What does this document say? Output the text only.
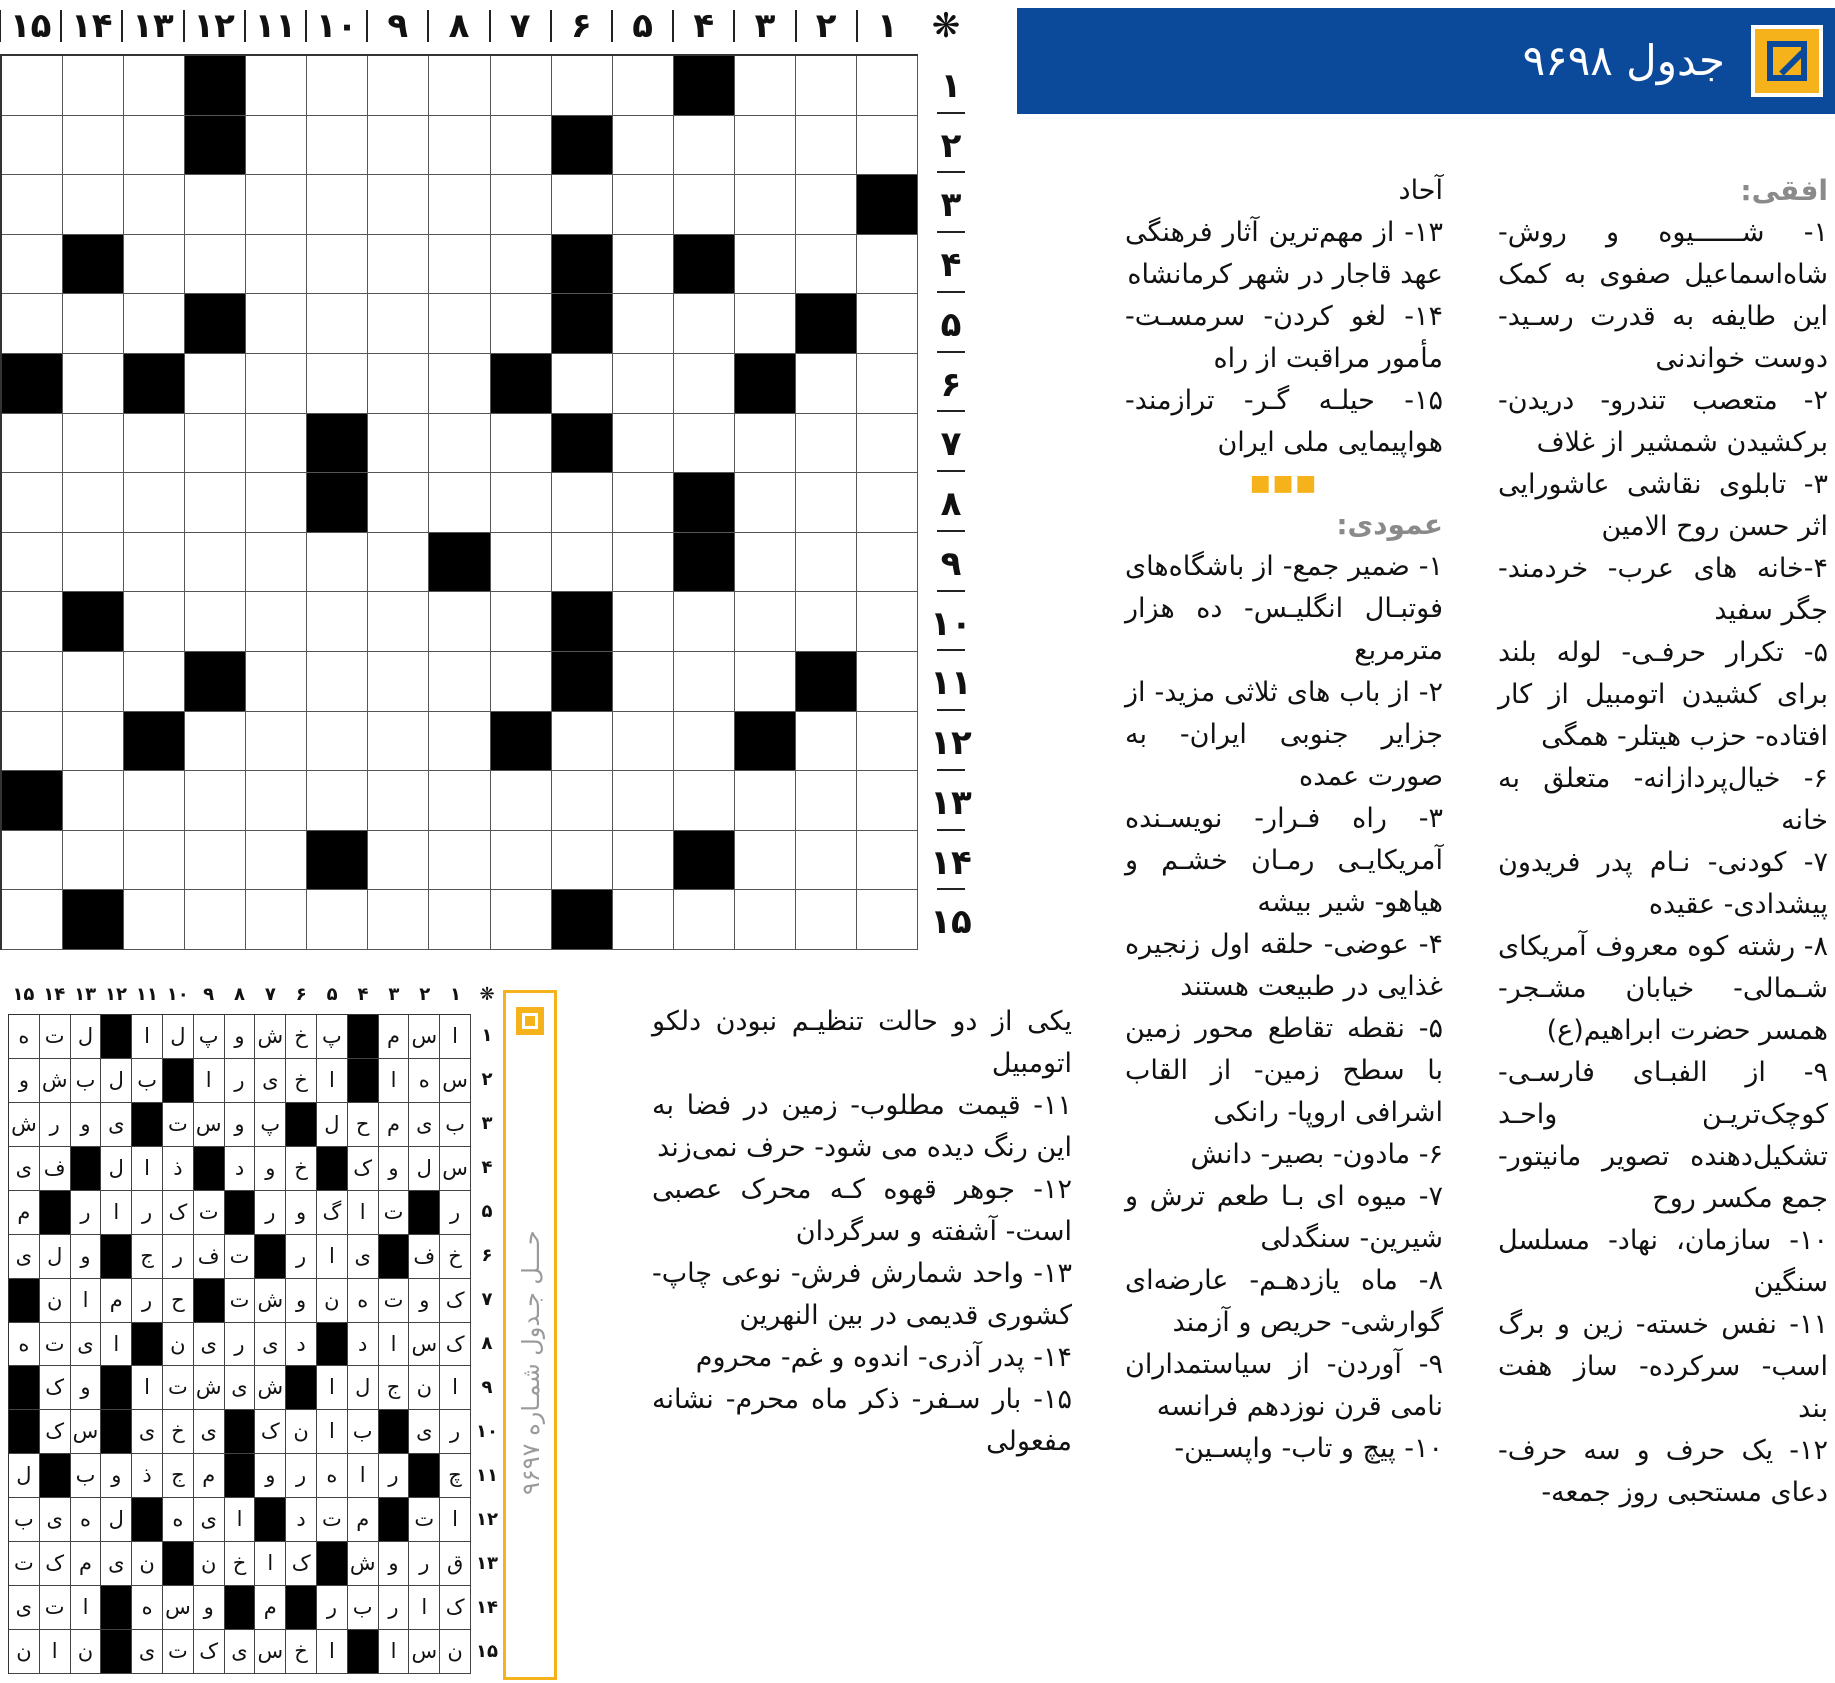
جدول ۹۶۹۸
❋
۱
۲
۳
۴
۵
۶
۷
۸
۹
۱۰
۱۱
۱۲
۱۳
۱۴
۱۵
۱
۲
۳
۴
۵
۶
۷
۸
۹
۱۰
۱۱
۱۲
۱۳
۱۴
۱۵
افقی:

۱- شــــــیوه و روش- شاه‌اسماعیل صفوی به کمک این طایفه به قدرت رسـید- دوست خواندنی

۲- متعصب تندرو- دریدن- برکشیدن شمشیر از غلاف

۳- تابلوی نقاشی عاشورایی اثر حسن روح الامین

۴-خانه های عرب- خردمند- جگر سفید

۵- تکرار حرفـی- لوله بلند برای کشیدن اتومبیل از کار افتاده- حزب هیتلر- همگی

۶- خیال‌پردازانه- متعلق به خانه

۷- کودنی- نـام پدر فریدون پیشدادی- عقیده

۸- رشته کوه معروف آمریکای شـمالی- خیابان مشـجر- همسر حضرت ابراهیم(ع)

۹- از الفبـای فارسـی- کوچک‌تریـن واحـد تشکیل‌دهنده تصویر مانیتور- جمع مکسر روح

۱۰- سازمان، نهاد- مسلسل سنگین

۱۱- نفس خسته- زین و برگ اسب- سرکرده- ساز هفت بند

۱۲- یک حرف و سه حرف- دعای مستحبی روز جمعه-

آحاد

۱۳- از مهم‌ترین آثار فرهنگی عهد قاجار در شهر کرمانشاه

۱۴- لغو کردن- سرمسـت- مأمور مراقبت از راه

۱۵- حیلـه گـر- ترازمند- هواپیمایی ملی ایران

■■■
عمودی:

۱- ضمیر جمع- از باشگاه‌های فوتبـال انگلیـس- ده هزار مترمربع

۲- از باب های ثلاثی مزید- از جزایر جنوبی ایران- به صورت عمده

۳- راه فـرار- نویسـنده آمریکایـی رمـان خشـم و هیاهو- شیر بیشه

۴- عوضی- حلقه اول زنجیره غذایی در طبیعت هستند

۵- نقطه تقاطع محور زمین با سطح زمین- از القاب اشرافی اروپا- رانکی

۶- مادون- بصیر- دانش

۷- میوه ای بـا طعم ترش و شیرین- سنگدلی

۸- ماه یازدهـم- عارضه‌ای گوارشی- حریص و آزمند

۹- آوردن- از سیاستمداران نامی قرن نوزدهم فرانسه

۱۰- پیچ و تاب- واپسـین-

یکی از دو حالت تنظیـم نبودن دلکو اتومبیل

۱۱- قیمت مطلوب- زمین در فضا به این رنگ دیده می شود- حرف نمی‌زند

۱۲- جوهر قهوه کـه محرک عصبی است- آشفته و سرگردان

۱۳- واحد شمارش فرش- نوعی چاپ- کشوری قدیمی در بین النهرین

۱۴- پدر آذری- اندوه و غم- محروم

۱۵- بار سـفر- ذکر ماه محرم- نشانه مفعولی

حـــل جـدول شمـاره ۹۶۹۷
❋
۱
۲
۳
۴
۵
۶
۷
۸
۹
۱۰
۱۱
۱۲
۱۳
۱۴
۱۵
۱
۲
۳
۴
۵
۶
۷
۸
۹
۱۰
۱۱
۱۲
۱۳
۱۴
۱۵
ه ت ل	ا ل پ و ش خ پ	م س ا
و ش ب ل ب	ا	ر ی خ	ا	ا	ه س
ش ر و ی	ت س و پ	ل ح م ی ب
ی ف	ل ا	ذ	د	و خ	ک و ل س
م	ر	ا	ر ک ت	ر و گ ا ت	ر
ی ل و	ج ر ف ت	ر	ا ی	ف خ
ن ا	م ر ح	ت ش و ن ه ت و ک
ه ت ی ا	ن ی ر ی د	د	ا س ک
ک و	ا ت ش ی ش	ا ل ج ن ا
ک س	ی خ ی	ک ن ا ب	ی ر
ل	ب و	ذ ج م	و ر ه	ا	ر	چ
ب ی ه ل	ه ی ا	د ت م	ت ا
ت ک م ی ن	ن خ	ا ک	ش و ر ق
ی ت ا	ه س و	م	ر ب ر	ا ک
ن ا ن	ی ت ک ی س خ	ا	ا س ن
